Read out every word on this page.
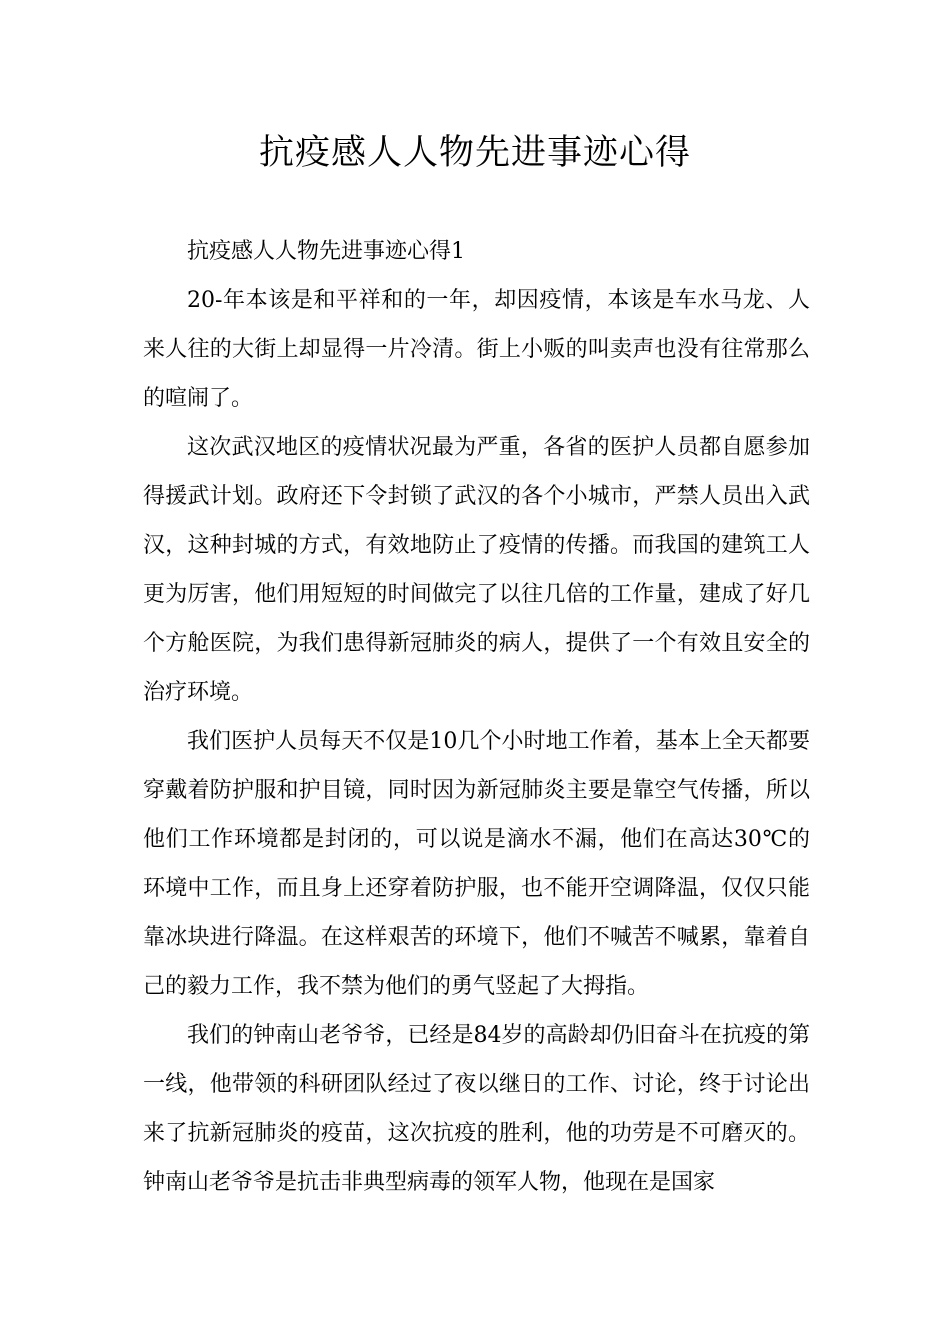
抗疫感人人物先进事迹心得

抗疫感人人物先进事迹心得1

20-年本该是和平祥和的一年，却因疫情，本该是车水马龙、人来人往的大街上却显得一片冷清。街上小贩的叫卖声也没有往常那么的喧闹了。

这次武汉地区的疫情状况最为严重，各省的医护人员都自愿参加得援武计划。政府还下令封锁了武汉的各个小城市，严禁人员出入武汉，这种封城的方式，有效地防止了疫情的传播。而我国的建筑工人更为厉害，他们用短短的时间做完了以往几倍的工作量，建成了好几个方舱医院，为我们患得新冠肺炎的病人，提供了一个有效且安全的治疗环境。

我们医护人员每天不仅是10几个小时地工作着，基本上全天都要穿戴着防护服和护目镜，同时因为新冠肺炎主要是靠空气传播，所以他们工作环境都是封闭的，可以说是滴水不漏，他们在高达30℃的环境中工作，而且身上还穿着防护服，也不能开空调降温，仅仅只能靠冰块进行降温。在这样艰苦的环境下，他们不喊苦不喊累，靠着自己的毅力工作，我不禁为他们的勇气竖起了大拇指。

我们的钟南山老爷爷，已经是84岁的高龄却仍旧奋斗在抗疫的第一线，他带领的科研团队经过了夜以继日的工作、讨论，终于讨论出来了抗新冠肺炎的疫苗，这次抗疫的胜利，他的功劳是不可磨灭的。钟南山老爷爷是抗击非典型病毒的领军人物，他现在是国家
